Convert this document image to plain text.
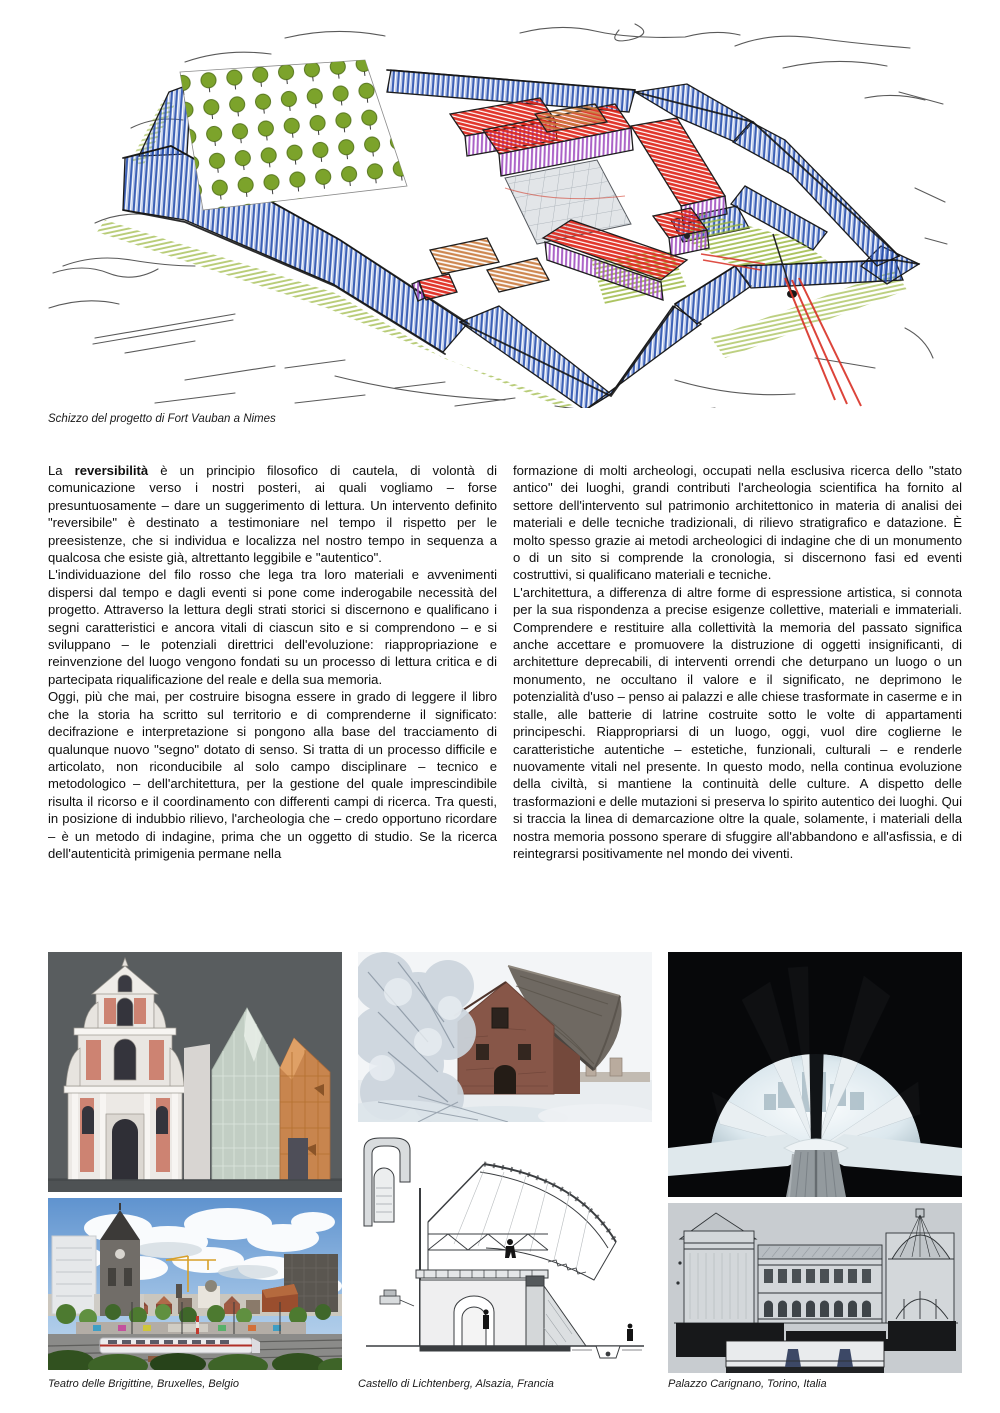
Schizzo del progetto di Fort Vauban a Nimes

La reversibilità è un principio filosofico di cautela, di volontà di comunicazione verso i nostri posteri, ai quali vogliamo – forse presuntuosamente – dare un suggerimento di lettura. Un intervento definito "reversibile" è destinato a testimoniare nel tempo il rispetto per le preesistenze, che si individua e localizza nel nostro tempo in sequenza a qualcosa che esiste già, altrettanto leggibile e "autentico".

L'individuazione del filo rosso che lega tra loro materiali e avvenimenti dispersi dal tempo e dagli eventi si pone come inderogabile necessità del progetto. Attraverso la lettura degli strati storici si discernono e qualificano i segni caratteristici e ancora vitali di ciascun sito e si comprendono – e si sviluppano – le potenziali direttrici dell'evoluzione: riappropriazione e reinvenzione del luogo vengono fondati su un processo di lettura critica e di partecipata riqualificazione del reale e della sua memoria.

Oggi, più che mai, per costruire bisogna essere in grado di leggere il libro che la storia ha scritto sul territorio e di comprenderne il significato: decifrazione e interpretazione si pongono alla base del tracciamento di qualunque nuovo "segno" dotato di senso. Si tratta di un processo difficile e articolato, non riconducibile al solo campo disciplinare – tecnico e metodologico – dell'architettura, per la gestione del quale imprescindibile risulta il ricorso e il coordinamento con differenti campi di ricerca. Tra questi, in posizione di indubbio rilievo, l'archeologia che – credo opportuno ricordare – è un metodo di indagine, prima che un oggetto di studio. Se la ricerca dell'autenticità primigenia permane nella

formazione di molti archeologi, occupati nella esclusiva ricerca dello "stato antico" dei luoghi, grandi contributi l'archeologia scientifica ha fornito al settore dell'intervento sul patrimonio architettonico in materia di analisi dei materiali e delle tecniche tradizionali, di rilievo stratigrafico e datazione. È molto spesso grazie ai metodi archeologici di indagine che di un monumento o di un sito si comprende la cronologia, si discernono fasi ed eventi costruttivi, si qualificano materiali e tecniche.

L'architettura, a differenza di altre forme di espressione artistica, si connota per la sua rispondenza a precise esigenze collettive, materiali e immateriali. Comprendere e restituire alla collettività la memoria del passato significa anche accettare e promuovere la distruzione di oggetti insignificanti, di architetture deprecabili, di interventi orrendi che deturpano un luogo o un monumento, ne occultano il valore e il significato, ne deprimono le potenzialità d'uso – penso ai palazzi e alle chiese trasformate in caserme e in stalle, alle batterie di latrine costruite sotto le volte di appartamenti principeschi. Riappropriarsi di un luogo, oggi, vuol dire coglierne le caratteristiche autentiche – estetiche, funzionali, culturali – e renderle nuovamente vitali nel presente. In questo modo, nella continua evoluzione della civiltà, si mantiene la continuità delle culture. A dispetto delle trasformazioni e delle mutazioni si preserva lo spirito autentico dei luoghi. Qui si traccia la linea di demarcazione oltre la quale, solamente, i materiali della nostra memoria possono sperare di sfuggire all'abbandono e all'asfissia, e di reintegrarsi positivamente nel mondo dei viventi.

Teatro delle Brigittine, Bruxelles, Belgio	Castello di Lichtenberg, Alsazia, Francia	Palazzo Carignano, Torino, Italia
